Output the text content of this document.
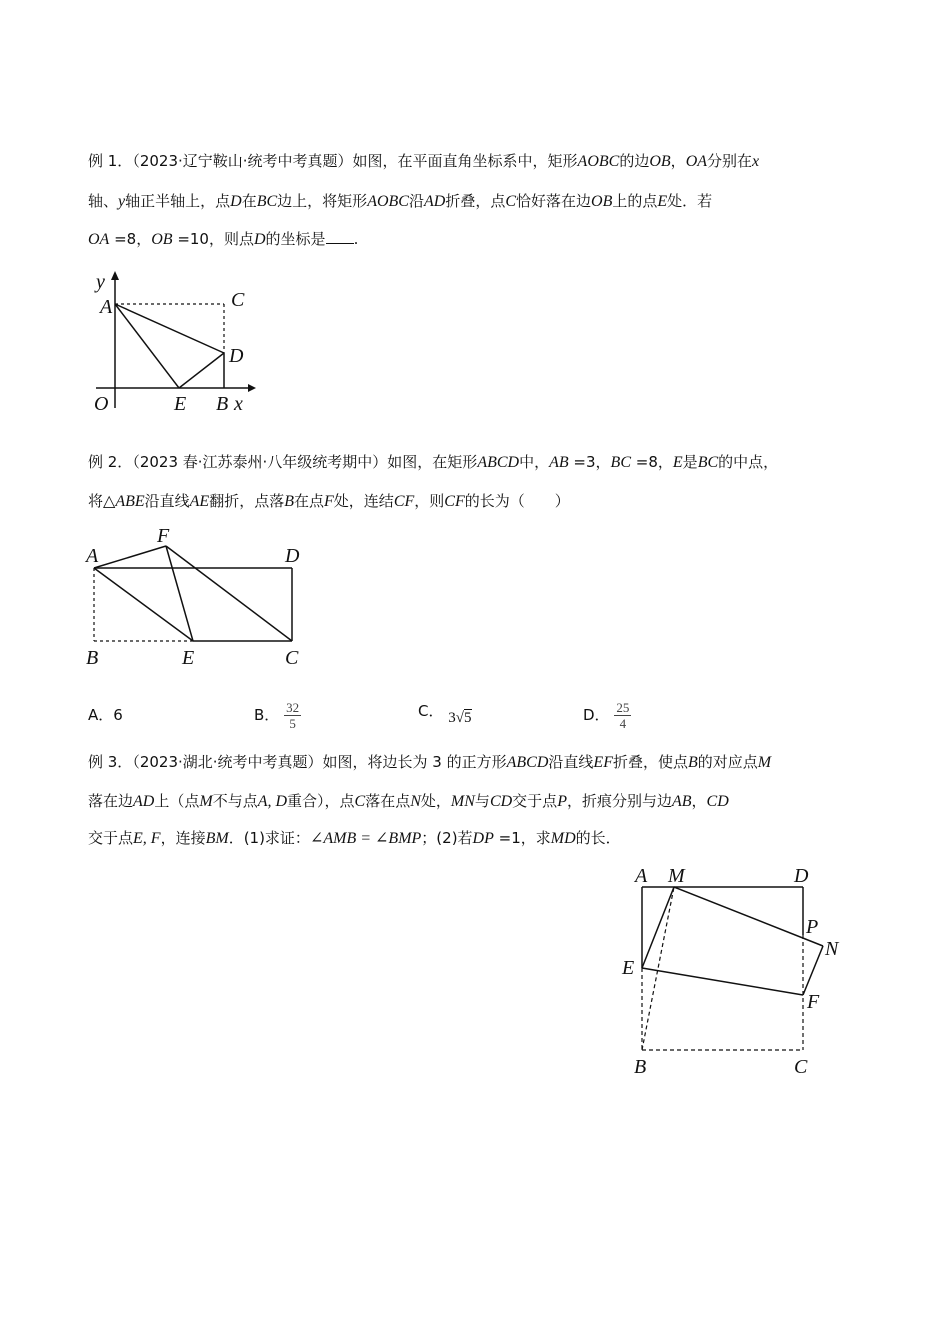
例 1．（2023·辽宁鞍山·统考中考真题）如图，在平面直角坐标系中，矩形AOBC的边OB，OA分别在x
轴、y轴正半轴上，点D在BC边上，将矩形AOBC沿AD折叠，点C恰好落在边OB上的点E处．若
OA =8，OB =10，则点D的坐标是 .
y
A	C
D
O	E B x
例 2．（2023 春·江苏泰州·八年级统考期中）如图，在矩形ABCD中，AB =3，BC =8，E是BC的中点，
将△ABE沿直线AE翻折，点落B在点F处，连结CF，则CF的长为（　　）
A
F
D
B	E	C
A．6	B． $\frac{32}{5}$	C． 3√5	D． $\frac{25}{4}$
例 3．（2023·湖北·统考中考真题）如图，将边长为 3 的正方形ABCD沿直线EF折叠，使点B的对应点M
落在边AD上（点M不与点A, D重合），点C落在点N处，MN与CD交于点P，折痕分别与边AB，CD
交于点E, F，连接BM．(1)求证：∠AMB = ∠BMP；(2)若DP =1，求MD的长．
A M	D
P
N
E
F
B	C
